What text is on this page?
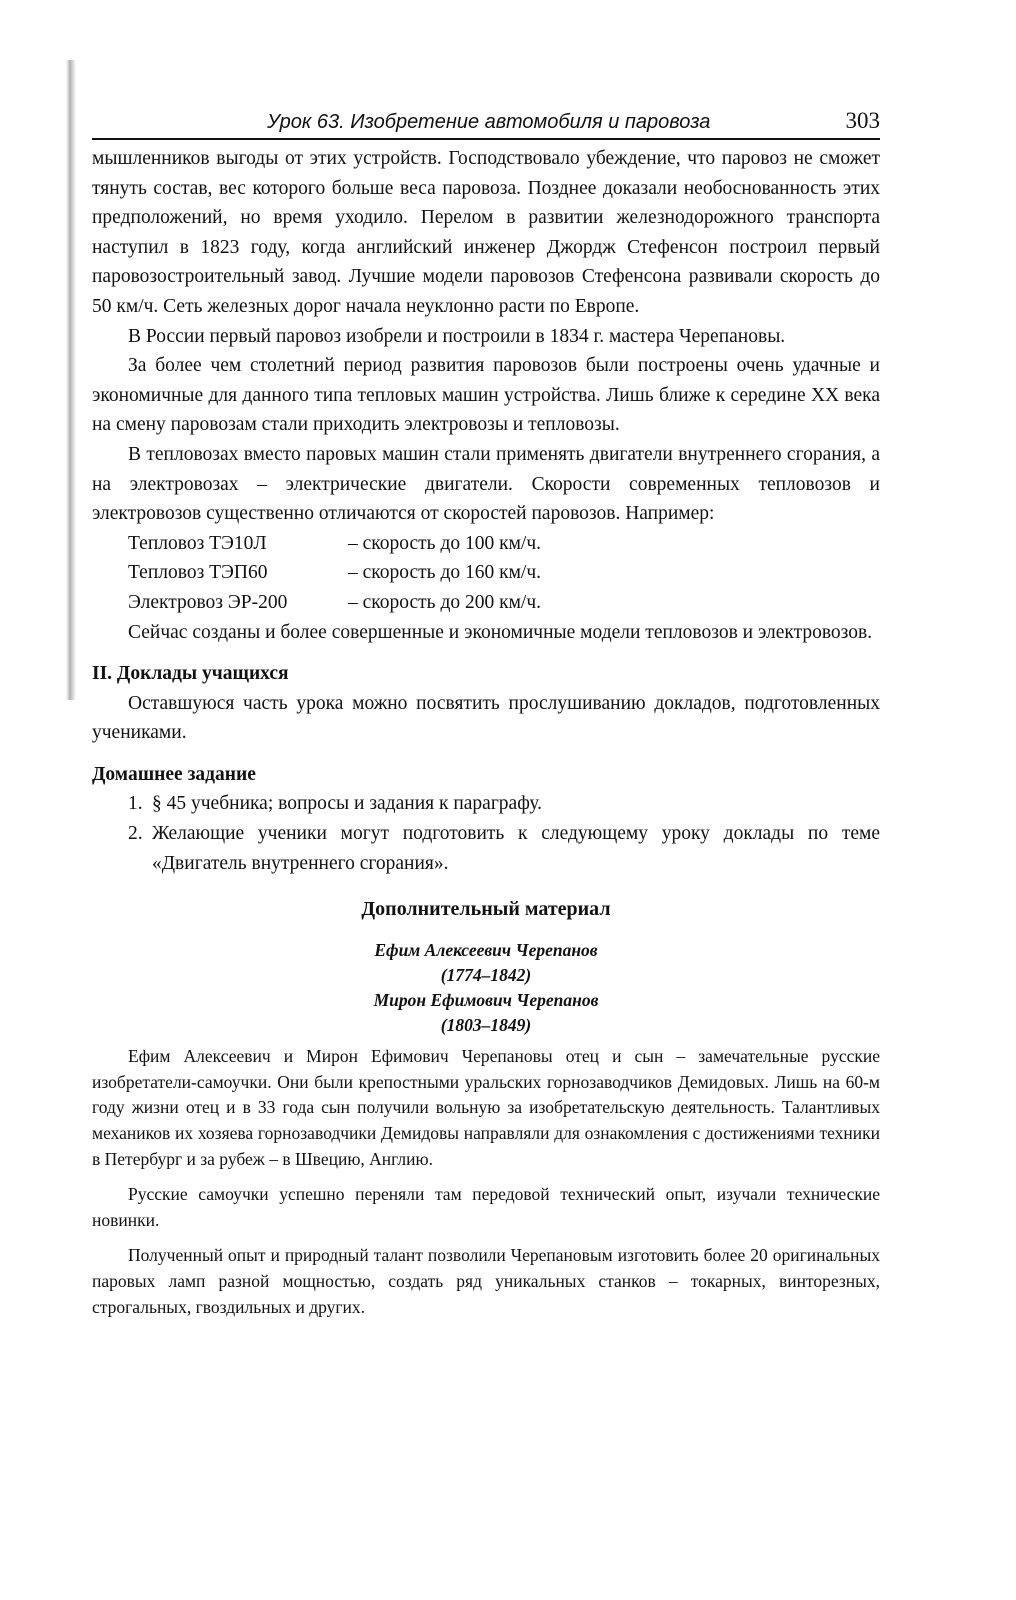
Урок 63. Изобретение автомобиля и паровоза	303

мышленников выгоды от этих устройств. Господствовало убеждение, что паровоз не сможет тянуть состав, вес которого больше веса паровоза. Позднее доказали необоснованность этих предположений, но время уходило. Перелом в развитии железнодорожного транспорта наступил в 1823 году, когда английский инженер Джордж Стефенсон построил первый паровозостроительный завод. Лучшие модели паровозов Стефенсона развивали скорость до 50 км/ч. Сеть железных дорог начала неуклонно расти по Европе.

В России первый паровоз изобрели и построили в 1834 г. мастера Черепановы.

За более чем столетний период развития паровозов были построены очень удачные и экономичные для данного типа тепловых машин устройства. Лишь ближе к середине XX века на смену паровозам стали приходить электровозы и тепловозы.

В тепловозах вместо паровых машин стали применять двигатели внутреннего сгорания, а на электровозах – электрические двигатели. Скорости современных тепловозов и электровозов существенно отличаются от скоростей паровозов. Например:

Тепловоз ТЭ10Л	– скорость до 100 км/ч.
Тепловоз ТЭП60	– скорость до 160 км/ч.
Электровоз ЭР-200	– скорость до 200 км/ч.

Сейчас созданы и более совершенные и экономичные модели тепловозов и электровозов.

II. Доклады учащихся

Оставшуюся часть урока можно посвятить прослушиванию докладов, подготовленных учениками.

Домашнее задание
1. § 45 учебника; вопросы и задания к параграфу.
2. Желающие ученики могут подготовить к следующему уроку доклады по теме «Двигатель внутреннего сгорания».
Дополнительный материал
Ефим Алексеевич Черепанов
(1774–1842)
Мирон Ефимович Черепанов
(1803–1849)

Ефим Алексеевич и Мирон Ефимович Черепановы отец и сын – замечательные русские изобретатели-самоучки. Они были крепостными уральских горнозаводчиков Демидовых. Лишь на 60-м году жизни отец и в 33 года сын получили вольную за изобретательскую деятельность. Талантливых механиков их хозяева горнозаводчики Демидовы направляли для ознакомления с достижениями техники в Петербург и за рубеж – в Швецию, Англию.

Русские самоучки успешно переняли там передовой технический опыт, изучали технические новинки.

Полученный опыт и природный талант позволили Черепановым изготовить более 20 оригинальных паровых ламп разной мощностью, создать ряд уникальных станков – токарных, винторезных, строгальных, гвоздильных и других.
